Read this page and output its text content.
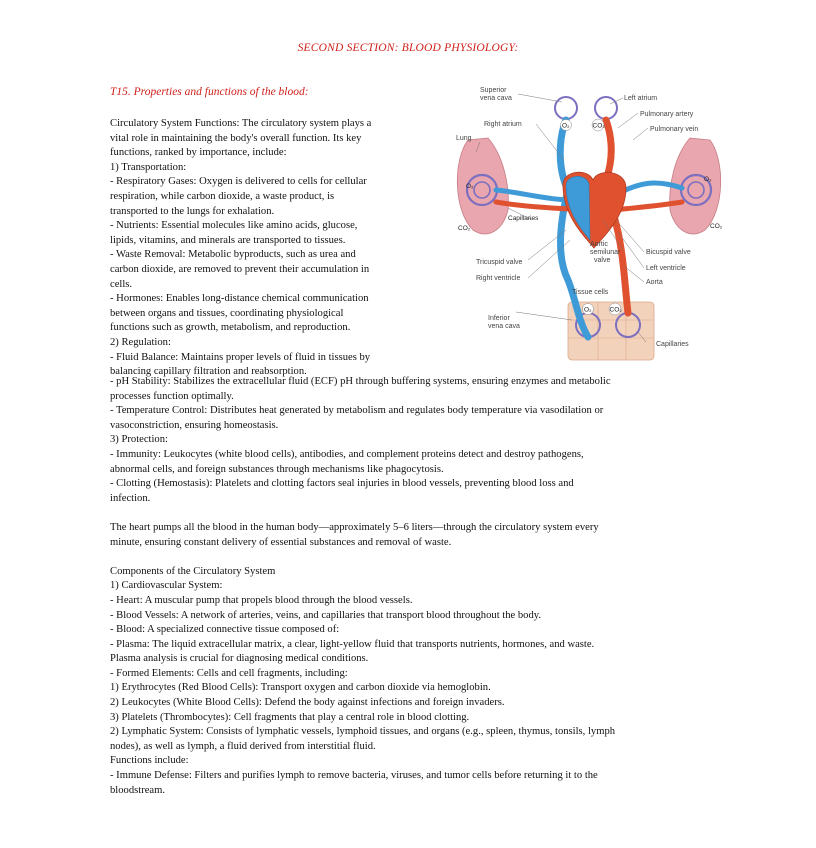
SECOND SECTION: BLOOD PHYSIOLOGY:
T15. Properties and functions of the blood:
Circulatory System Functions: The circulatory system plays a
vital role in maintaining the body's overall function. Its key
functions, ranked by importance, include:
1) Transportation:
- Respiratory Gases: Oxygen is delivered to cells for cellular
respiration, while carbon dioxide, a waste product, is
transported to the lungs for exhalation.
- Nutrients: Essential molecules like amino acids, glucose,
lipids, vitamins, and minerals are transported to tissues.
- Waste Removal: Metabolic byproducts, such as urea and
carbon dioxide, are removed to prevent their accumulation in
cells.
- Hormones: Enables long-distance chemical communication
between organs and tissues, coordinating physiological
functions such as growth, metabolism, and reproduction.
2) Regulation:
- Fluid Balance: Maintains proper levels of fluid in tissues by
balancing capillary filtration and reabsorption.
O₂	CO₂
O₂
CO₂
O₂
CO₂
O₂	CO₂
Superior
vena cava
Right atrium
Lung
Left atrium
Pulmonary artery
Pulmonary vein
Capillaries
Aortic
semilunar
valve
Tricuspid valve
Right ventricle
Bicuspid valve
Left ventricle
Aorta
Tissue cells
Inferior
vena cava
Capillaries
- pH Stability: Stabilizes the extracellular fluid (ECF) pH through buffering systems, ensuring enzymes and metabolic
processes function optimally.
- Temperature Control: Distributes heat generated by metabolism and regulates body temperature via vasodilation or
vasoconstriction, ensuring homeostasis.
3) Protection:
- Immunity: Leukocytes (white blood cells), antibodies, and complement proteins detect and destroy pathogens,
abnormal cells, and foreign substances through mechanisms like phagocytosis.
- Clotting (Hemostasis): Platelets and clotting factors seal injuries in blood vessels, preventing blood loss and
infection.
The heart pumps all the blood in the human body—approximately 5–6 liters—through the circulatory system every
minute, ensuring constant delivery of essential substances and removal of waste.
Components of the Circulatory System
1) Cardiovascular System:
- Heart: A muscular pump that propels blood through the blood vessels.
- Blood Vessels: A network of arteries, veins, and capillaries that transport blood throughout the body.
- Blood: A specialized connective tissue composed of:
- Plasma: The liquid extracellular matrix, a clear, light-yellow fluid that transports nutrients, hormones, and waste.
Plasma analysis is crucial for diagnosing medical conditions.
- Formed Elements: Cells and cell fragments, including:
1) Erythrocytes (Red Blood Cells): Transport oxygen and carbon dioxide via hemoglobin.
2) Leukocytes (White Blood Cells): Defend the body against infections and foreign invaders.
3) Platelets (Thrombocytes): Cell fragments that play a central role in blood clotting.
2) Lymphatic System: Consists of lymphatic vessels, lymphoid tissues, and organs (e.g., spleen, thymus, tonsils, lymph
nodes), as well as lymph, a fluid derived from interstitial fluid.
Functions include:
- Immune Defense: Filters and purifies lymph to remove bacteria, viruses, and tumor cells before returning it to the
bloodstream.
